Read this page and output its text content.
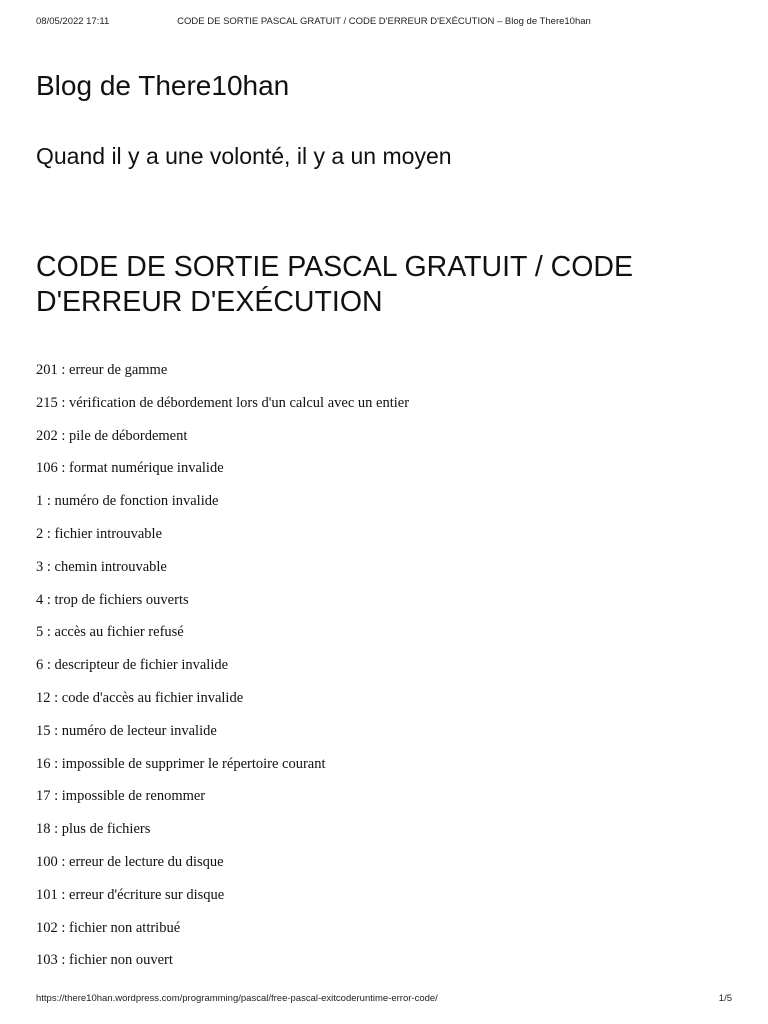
08/05/2022 17:11	CODE DE SORTIE PASCAL GRATUIT / CODE D'ERREUR D'EXÉCUTION – Blog de There10han
Blog de There10han

Quand il y a une volonté, il y a un moyen

CODE DE SORTIE PASCAL GRATUIT / CODE D'ERREUR D'EXÉCUTION
201 : erreur de gamme
215 : vérification de débordement lors d'un calcul avec un entier
202 : pile de débordement
106 : format numérique invalide
1 : numéro de fonction invalide
2 : fichier introuvable
3 : chemin introuvable
4 : trop de fichiers ouverts
5 : accès au fichier refusé
6 : descripteur de fichier invalide
12 : code d'accès au fichier invalide
15 : numéro de lecteur invalide
16 : impossible de supprimer le répertoire courant
17 : impossible de renommer
18 : plus de fichiers
100 : erreur de lecture du disque
101 : erreur d'écriture sur disque
102 : fichier non attribué
103 : fichier non ouvert
https://there10han.wordpress.com/programming/pascal/free-pascal-exitcoderuntime-error-code/	1/5
